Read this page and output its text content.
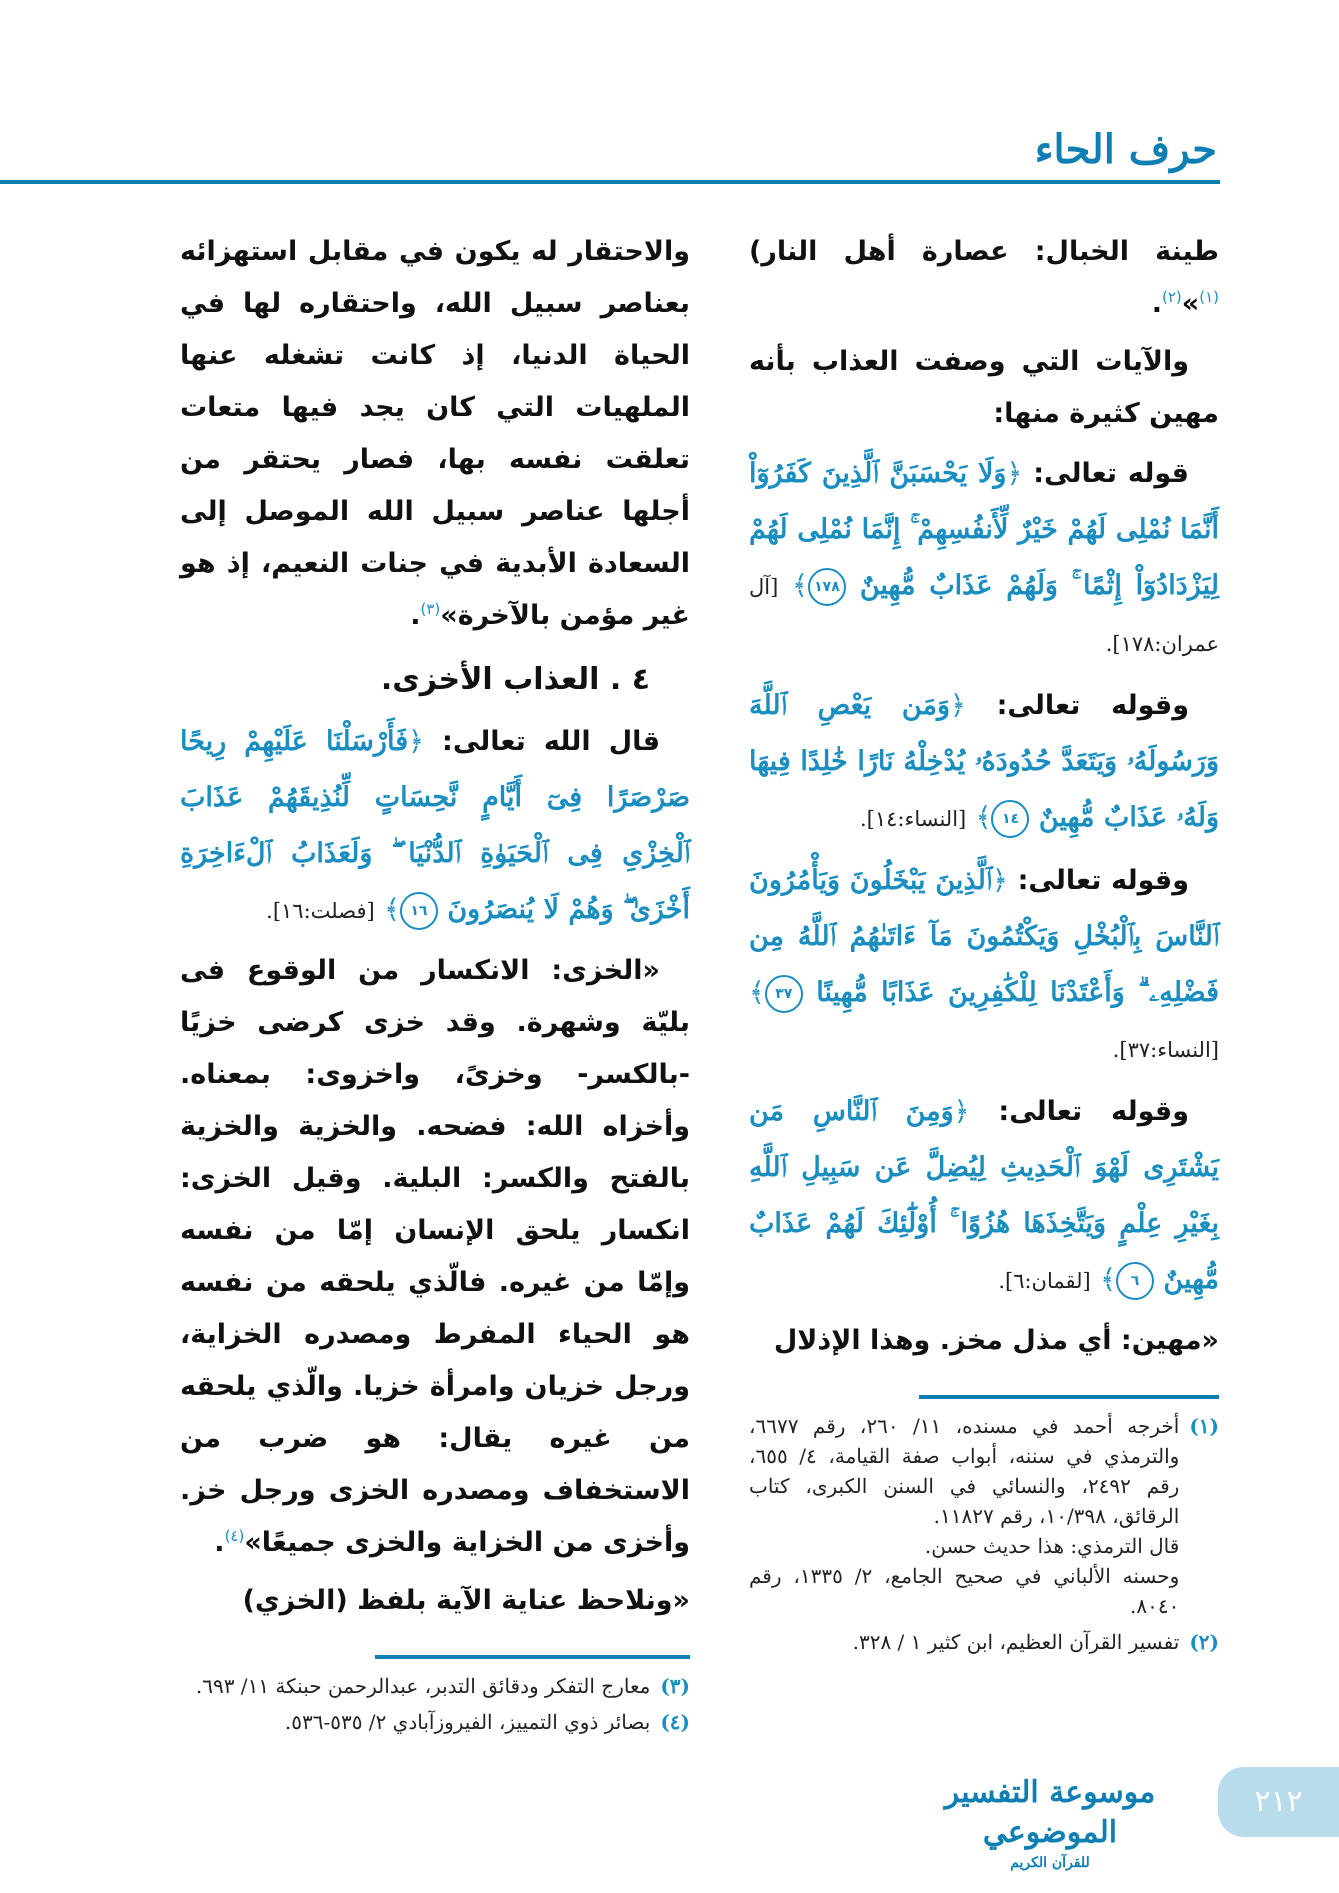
حرف الحاء

طينة الخبال: عصارة أهل النار)$^{(١)}$»$^{(٢)}$.

والآيات التي وصفت العذاب بأنه مهين كثيرة منها:

قوله تعالى: ﴿وَلَا يَحْسَبَنَّ ٱلَّذِينَ كَفَرُوٓاْ أَنَّمَا نُمْلِى لَهُمْ خَيْرٌ لِّأَنفُسِهِمْ ۚ إِنَّمَا نُمْلِى لَهُمْ لِيَزْدَادُوٓاْ إِثْمًا ۚ وَلَهُمْ عَذَابٌ مُّهِينٌ ١٧٨﴾ [آل عمران:١٧٨].

وقوله تعالى: ﴿وَمَن يَعْصِ ٱللَّهَ وَرَسُولَهُۥ وَيَتَعَدَّ حُدُودَهُۥ يُدْخِلْهُ نَارًا خَٰلِدًا فِيهَا وَلَهُۥ عَذَابٌ مُّهِينٌ ١٤﴾ [النساء:١٤].

وقوله تعالى: ﴿ٱلَّذِينَ يَبْخَلُونَ وَيَأْمُرُونَ ٱلنَّاسَ بِٱلْبُخْلِ وَيَكْتُمُونَ مَآ ءَاتَىٰهُمُ ٱللَّهُ مِن فَضْلِهِۦ ۗ وَأَعْتَدْنَا لِلْكَٰفِرِينَ عَذَابًا مُّهِينًا ٣٧﴾ [النساء:٣٧].

وقوله تعالى: ﴿وَمِنَ ٱلنَّاسِ مَن يَشْتَرِى لَهْوَ ٱلْحَدِيثِ لِيُضِلَّ عَن سَبِيلِ ٱللَّهِ بِغَيْرِ عِلْمٍ وَيَتَّخِذَهَا هُزُوًا ۚ أُوْلَٰٓئِكَ لَهُمْ عَذَابٌ مُّهِينٌ ٦﴾ [لقمان:٦].

«مهين: أي مذل مخز. وهذا الإذلال

(١)
أخرجه أحمد في مسنده، ١١/ ٢٦٠، رقم ٦٦٧٧، والترمذي في سننه، أبواب صفة القيامة، ٤/ ٦٥٥، رقم ٢٤٩٢، والنسائي في السنن الكبرى، كتاب الرقائق، ١٠/٣٩٨، رقم ١١٨٢٧.
قال الترمذي: هذا حديث حسن.
وحسنه الألباني في صحيح الجامع، ٢/ ١٣٣٥، رقم ٨٠٤٠.
(٢)
تفسير القرآن العظيم، ابن كثير ١ / ٣٢٨.

والاحتقار له يكون في مقابل استهزائه بعناصر سبيل الله، واحتقاره لها في الحياة الدنيا، إذ كانت تشغله عنها الملهيات التي كان يجد فيها متعات تعلقت نفسه بها، فصار يحتقر من أجلها عناصر سبيل الله الموصل إلى السعادة الأبدية في جنات النعيم، إذ هو غير مؤمن بالآخرة»$^{(٣)}$.

٤ . العذاب الأخزى.

قال الله تعالى: ﴿فَأَرْسَلْنَا عَلَيْهِمْ رِيحًا صَرْصَرًا فِىٓ أَيَّامٍ نَّحِسَاتٍ لِّنُذِيقَهُمْ عَذَابَ ٱلْخِزْىِ فِى ٱلْحَيَوٰةِ ٱلدُّنْيَا ۖ وَلَعَذَابُ ٱلْءَاخِرَةِ أَخْزَىٰ ۖ وَهُمْ لَا يُنصَرُونَ ١٦﴾ [فصلت:١٦].

«الخزى: الانكسار من الوقوع فى بليّة وشهرة. وقد خزى كرضى خزيًا -بالكسر- وخزىً، واخزوى: بمعناه. وأخزاه الله: فضحه. والخزية والخزية بالفتح والكسر: البلية. وقيل الخزى: انكسار يلحق الإنسان إمّا من نفسه وإمّا من غيره. فالّذي يلحقه من نفسه هو الحياء المفرط ومصدره الخزاية، ورجل خزيان وامرأة خزيا. والّذي يلحقه من غيره يقال: هو ضرب من الاستخفاف ومصدره الخزى ورجل خز. وأخزى من الخزاية والخزى جميعًا»$^{(٤)}$.

«ونلاحظ عناية الآية بلفظ (الخزي)

(٣)
معارج التفكر ودقائق التدبر، عبدالرحمن حبنكة ١١/ ٦٩٣.
(٤)
بصائر ذوي التمييز، الفيروزآبادي ٢/ ٥٣٥-٥٣٦.
موسوعة التفسير الموضوعي
للقرآن الكريم
٢١٢
